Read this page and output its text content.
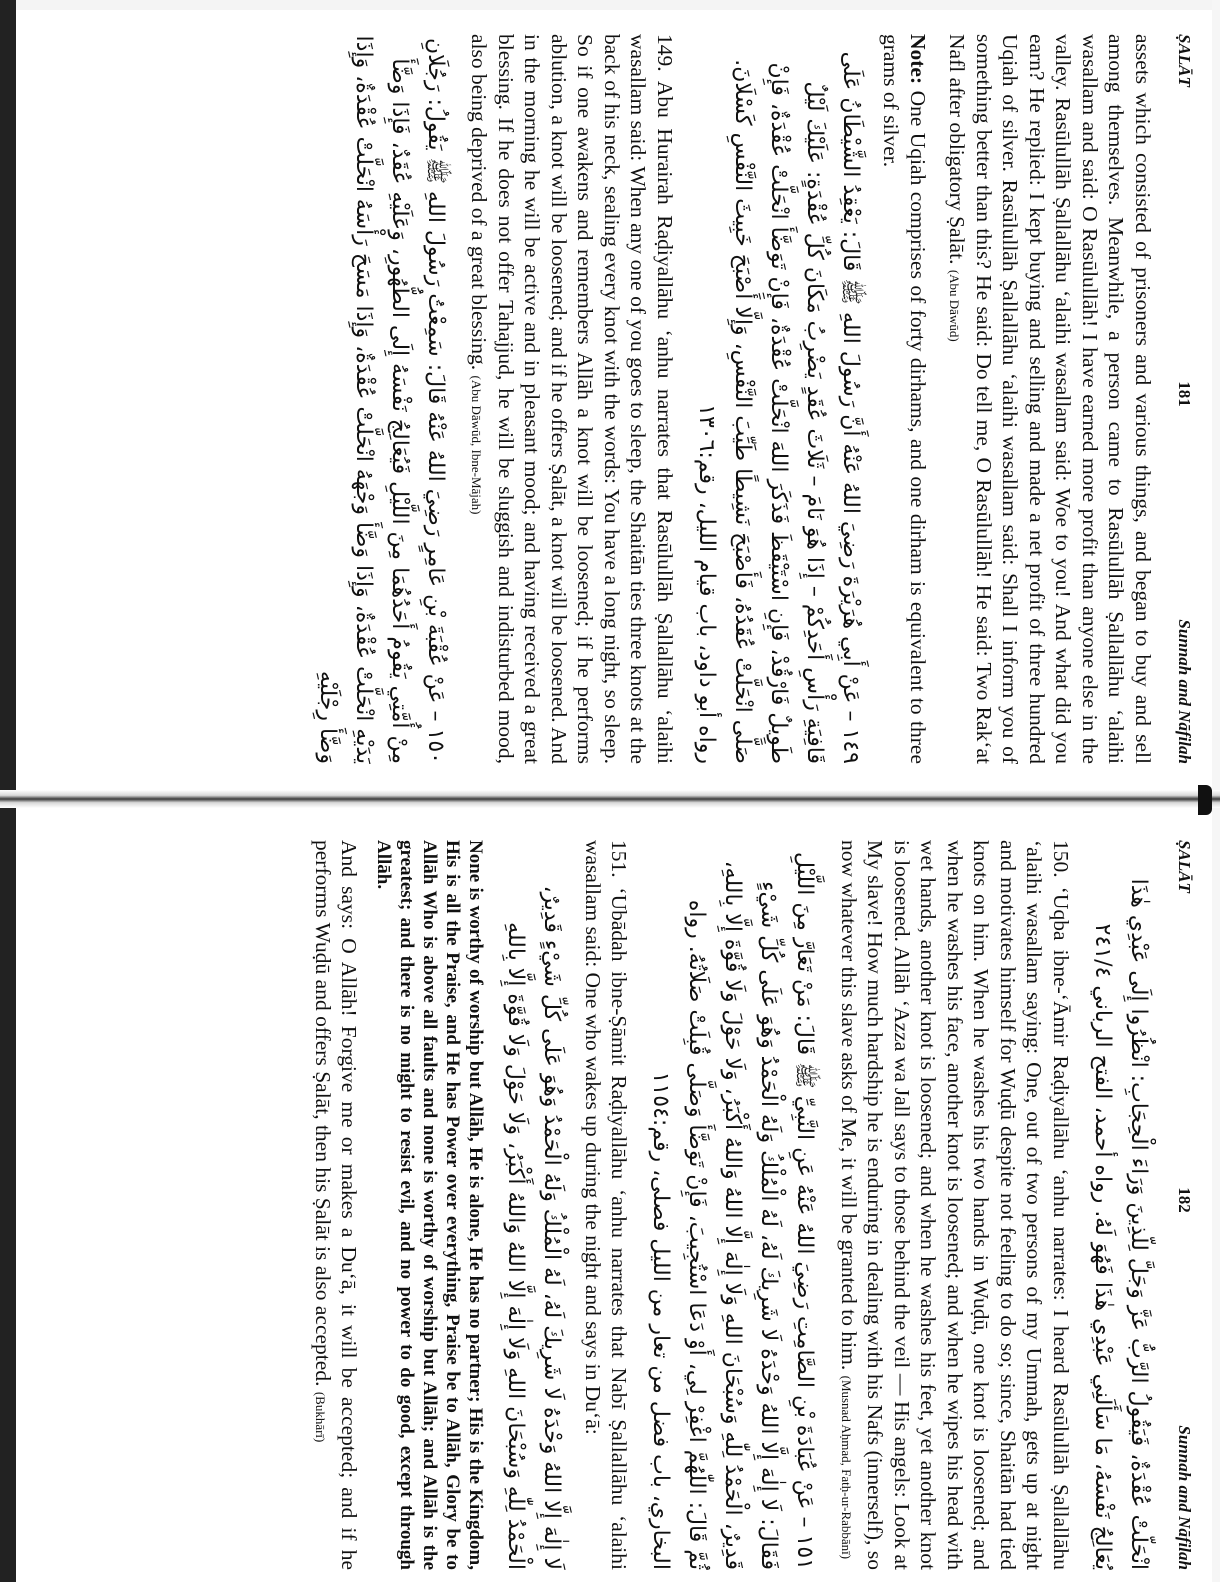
ṢALĀT
181
Sunnah and Nāfilah

assets which consisted of prisoners and various things, and began to buy and sell among themselves. Meanwhile, a person came to Rasūlullāh Ṣallallāhu ‘alaihi wasallam and said: O Rasūlullāh! I have earned more profit than anyone else in the valley. Rasūlullāh Ṣallallāhu ‘alaihi wasallam said: Woe to you! And what did you earn? He replied: I kept buying and selling and made a net profit of three hundred Uqiah of silver. Rasūlullāh Ṣallallāhu ‘alaihi wasallam said: Shall I inform you of something better than this? He said: Do tell me, O Rasūlullāh! He said: Two Rak‘at Nafl after obligatory Ṣalāt. (Abu Dāwūd)

Note: One Uqiah comprises of forty dirhams, and one dirham is equivalent to three grams of silver.

١٤٩ – عَنْ أَبِي هُرَيْرَةَ رَضِيَ اللهُ عَنْهُ أَنَّ رَسُولَ اللهِ ﷺ قَالَ: يَعْقِدُ الشَّيْطَانُ عَلَى قَافِيَةِ رَأْسِ أَحَدِكُمْ – إِذَا هُوَ نَامَ – ثَلَاثَ عُقَدٍ يَضْرِبُ مَكَانَ كُلِّ عُقْدَةٍ: عَلَيْكَ لَيْلٌ طَوِيلٌ فَارْقُدْ، فَإِنِ اسْتَيْقَظَ فَذَكَرَ اللهَ انْحَلَّتْ عُقْدَةٌ، فَإِنْ تَوَضَّأَ انْحَلَّتْ عُقْدَةٌ، فَإِنْ صَلَّى انْحَلَّتْ عُقَدُهُ، فَأَصْبَحَ نَشِيطًا طَيِّبَ النَّفْسِ، وَإِلَّا أَصْبَحَ خَبِيثَ النَّفْسِ كَسْلَانَ. رواه أبو داود، باب قيام الليل، رقم:١٣٠٦

149. Abu Hurairah Raḍiyallāhu ‘anhu narrates that Rasūlullāh Ṣallallāhu ‘alaihi wasallam said: When any one of you goes to sleep, the Shaitān ties three knots at the back of his neck, sealing every knot with the words: You have a long night, so sleep. So if one awakens and remembers Allāh a knot will be loosened; if he performs ablution, a knot will be loosened; and if he offers Ṣalāt, a knot will be loosened. And in the morning he will be active and in pleasant mood; and having received a great blessing. If he does not offer Tahajjud, he will be sluggish and indisturbed mood, also being deprived of a great blessing. (Abu Dāwūd, Ibne-Mājah)

١٥٠ – عَنْ عُقْبَةَ بْنِ عَامِرٍ رَضِيَ اللهُ عَنْهُ قَالَ: سَمِعْتُ رَسُولَ اللهِ ﷺ يَقُولُ: رَجُلَانِ مِنْ أُمَّتِي يَقُومُ أَحَدُهُمَا مِنَ اللَّيْلِ فَيُعَالِجُ نَفْسَهُ إِلَى الطُّهُورِ، وَعَلَيْهِ عُقَدٌ، فَإِذَا وَضَّأَ يَدَيْهِ انْحَلَّتْ عُقْدَةٌ، وَإِذَا وَضَّأَ وَجْهَهُ انْحَلَّتْ عُقْدَةٌ، وَإِذَا مَسَحَ رَأْسَهُ انْحَلَّتْ عُقْدَةٌ، وَإِذَا وَضَّأَ رِجْلَيْهِ

ṢALĀT
182
Sunnah and Nāfilah

انْحَلَّتْ عُقْدَةٌ، فَيَقُولُ الرَّبُّ عَزَّ وَجَلَّ لِلَّذِينَ وَرَاءَ الْحِجَابِ: انْظُرُوا إِلَى عَبْدِي هٰذَا يُعَالِجُ نَفْسَهُ، مَا سَأَلَنِي عَبْدِي هٰذَا فَهُوَ لَهُ. رواه أحمد، الفتح الرباني ٢٤١/٤

150. ‘Uqba ibne-‘Āmir Raḍiyallāhu ‘anhu narrates: I heard Rasūlullāh Ṣallallāhu ‘alaihi wasallam saying: One, out of two persons of my Ummah, gets up at night and motivates himself for Wuḍū despite not feeling to do so; since, Shaitān had tied knots on him. When he washes his two hands in Wuḍū, one knot is loosened; and when he washes his face, another knot is loosened; and when he wipes his head with wet hands, another knot is loosened; and when he washes his feet, yet another knot is loosened. Allāh ‘Azza wa Jall says to those behind the veil — His angels: Look at My slave! How much hardship he is enduring in dealing with his Nafs (innerself), so now whatever this slave asks of Me, it will be granted to him. (Musnad Aḥmad, Fatḥ-ur-Rabbānī)

١٥١ – عَنْ عُبَادَةَ بْنِ الصَّامِتِ رَضِيَ اللهُ عَنْهُ عَنِ النَّبِيِّ ﷺ قَالَ: مَنْ تَعَارَّ مِنَ اللَّيْلِ فَقَالَ: لَا إِلٰهَ إِلَّا اللهُ وَحْدَهُ لَا شَرِيكَ لَهُ، لَهُ الْمُلْكُ وَلَهُ الْحَمْدُ وَهُوَ عَلَى كُلِّ شَيْءٍ قَدِيرٌ، الْحَمْدُ لِلّٰهِ وَسُبْحَانَ اللهِ وَلَا إِلٰهَ إِلَّا اللهُ وَاللهُ أَكْبَرُ، وَلَا حَوْلَ وَلَا قُوَّةَ إِلَّا بِاللهِ، ثُمَّ قَالَ: اللّٰهُمَّ اغْفِرْ لِي، أَوْ دَعَا اسْتُجِيبَ، فَإِنْ تَوَضَّأَ وَصَلَّى قُبِلَتْ صَلَاتُهُ. رواه البخاري، باب فضل من تعار من الليل فصلى، رقم:١١٥٤

151. ‘Ubādah ibne-Ṣāmit Raḍiyallāhu ‘anhu narrates that Nabī Ṣallallāhu ‘alaihi wasallam said: One who wakes up during the night and says in Du‘ā:

لَا إِلٰهَ إِلَّا اللهُ وَحْدَهُ لَا شَرِيكَ لَهُ، لَهُ الْمُلْكُ وَلَهُ الْحَمْدُ وَهُوَ عَلَى كُلِّ شَيْءٍ قَدِيرٌ، الْحَمْدُ لِلّٰهِ وَسُبْحَانَ اللهِ وَلَا إِلٰهَ إِلَّا اللهُ وَاللهُ أَكْبَرُ، وَلَا حَوْلَ وَلَا قُوَّةَ إِلَّا بِاللهِ

None is worthy of worship but Allāh, He is alone, He has no partner; His is the Kingdom, His is all the Praise, and He has Power over everything, Praise be to Allāh, Glory be to Allāh Who is above all faults and none is worthy of worship but Allāh; and Allāh is the greatest; and there is no might to resist evil, and no power to do good, except through Allāh.

And says: O Allāh! Forgive me or makes a Du‘ā, it will be accepted; and if he performs Wuḍū and offers Ṣalāt, then his Ṣalāt is also accepted. (Bukhārī)
